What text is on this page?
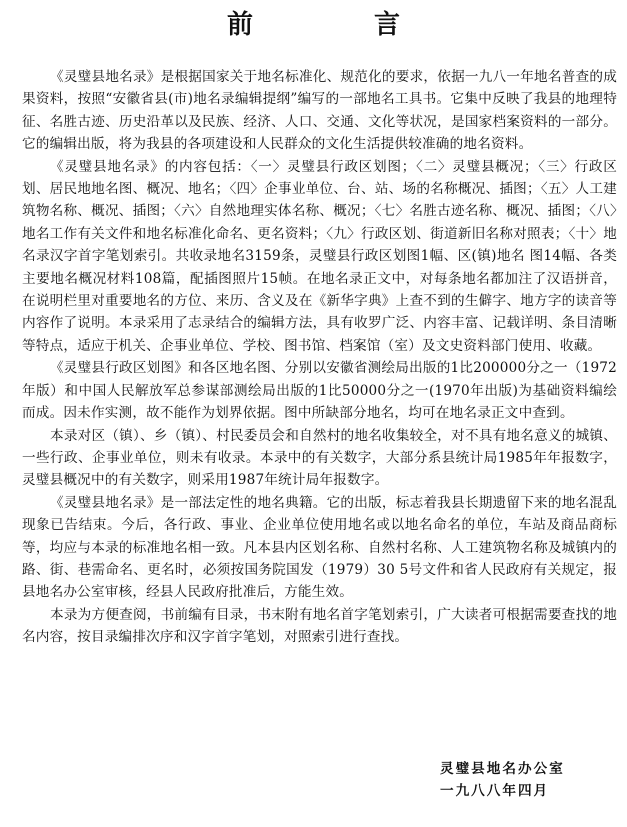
前 言

《灵璧县地名录》是根据国家关于地名标准化、规范化的要求，依据一九八一年地名普查的成果资料，按照“安徽省县(市)地名录编辑提纲”编写的一部地名工具书。它集中反映了我县的地理特征、名胜古迹、历史沿革以及民族、经济、人口、交通、文化等状况，是国家档案资料的一部分。它的编辑出版，将为我县的各项建设和人民群众的文化生活提供较准确的地名资料。

《灵璧县地名录》的内容包括：〈一〉灵璧县行政区划图；〈二〉灵璧县概况；〈三〉行政区划、居民地地名图、概况、地名；〈四〉企事业单位、台、站、场的名称概况、插图；〈五〉人工建筑物名称、概况、插图；〈六〉自然地理实体名称、概况；〈七〉名胜古迹名称、概况、插图；〈八〉地名工作有关文件和地名标准化命名、更名资料；〈九〉行政区划、街道新旧名称对照表；〈十〉地名录汉字首字笔划索引。共收录地名3159条，灵璧县行政区划图1幅、区(镇)地名 图14幅、各类主要地名概况材料108篇，配插图照片15帧。在地名录正文中，对每条地名都加注了汉语拼音，在说明栏里对重要地名的方位、来历、含义及在《新华字典》上查不到的生僻字、地方字的读音等内容作了说明。本录采用了志录结合的编辑方法，具有收罗广泛、内容丰富、记载详明、条目清晰等特点，适应于机关、企事业单位、学校、图书馆、档案馆（室）及文史资料部门使用、收藏。

《灵璧县行政区划图》和各区地名图、分别以安徽省测绘局出版的1比200000分之一（1972年版）和中国人民解放军总参谋部测绘局出版的1比50000分之一(1970年出版)为基础资料编绘而成。因未作实测，故不能作为划界依据。图中所缺部分地名，均可在地名录正文中查到。

本录对区（镇）、乡（镇）、村民委员会和自然村的地名收集较全，对不具有地名意义的城镇、一些行政、企事业单位，则未有收录。本录中的有关数字，大部分系县统计局1985年年报数字，灵璧县概况中的有关数字，则采用1987年统计局年报数字。

《灵璧县地名录》是一部法定性的地名典籍。它的出版，标志着我县长期遗留下来的地名混乱现象已告结束。今后，各行政、事业、企业单位使用地名或以地名命名的单位，车站及商品商标等，均应与本录的标准地名相一致。凡本县内区划名称、自然村名称、人工建筑物名称及城镇内的路、街、巷需命名、更名时，必须按国务院国发（1979）30 5号文件和省人民政府有关规定，报县地名办公室审核，经县人民政府批准后，方能生效。

本录为方便查阅，书前编有目录，书末附有地名首字笔划索引，广大读者可根据需要查找的地名内容，按目录编排次序和汉字首字笔划，对照索引进行查找。

灵璧县地名办公室
一九八八年四月
